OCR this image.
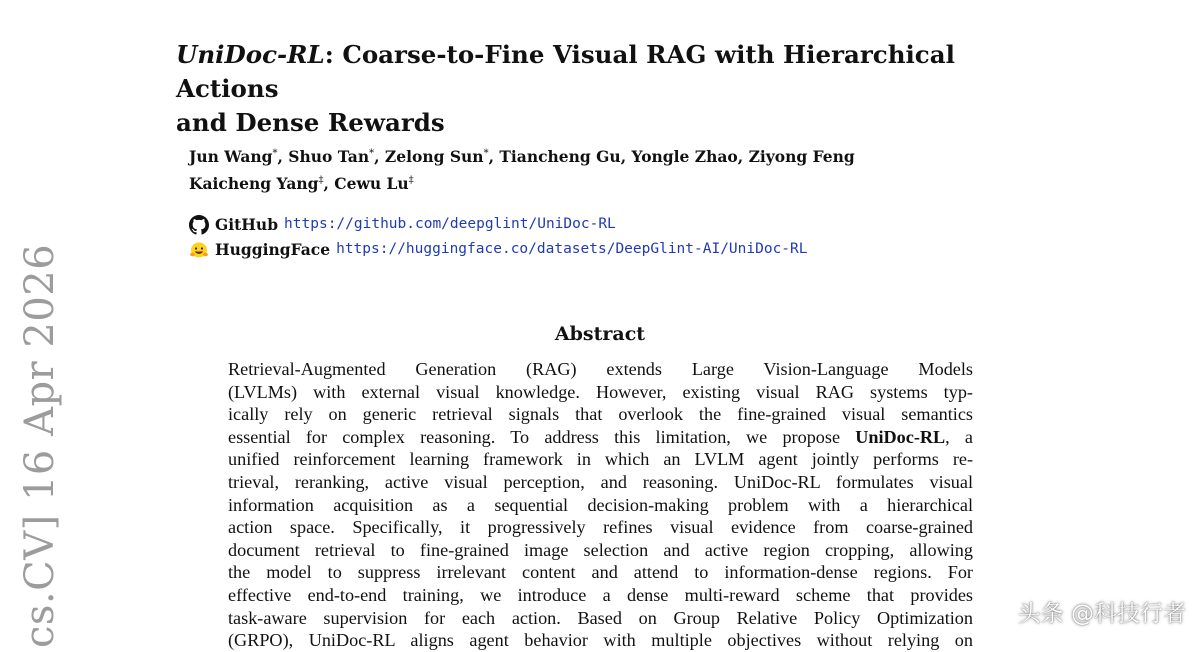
cs.CV] 16 Apr 2026
UniDoc-RL: Coarse-to-Fine Visual RAG with Hierarchical Actions
and Dense Rewards
Jun Wang*, Shuo Tan*, Zelong Sun*, Tiancheng Gu, Yongle Zhao, Ziyong Feng
Kaicheng Yang‡, Cewu Lu‡
GitHub https://github.com/deepglint/UniDoc-RL
HuggingFace https://huggingface.co/datasets/DeepGlint-AI/UniDoc-RL
Abstract
Retrieval-Augmented Generation (RAG) extends Large Vision-Language Models
(LVLMs) with external visual knowledge. However, existing visual RAG systems typ-
ically rely on generic retrieval signals that overlook the fine-grained visual semantics
essential for complex reasoning. To address this limitation, we propose UniDoc-RL, a
unified reinforcement learning framework in which an LVLM agent jointly performs re-
trieval, reranking, active visual perception, and reasoning. UniDoc-RL formulates visual
information acquisition as a sequential decision-making problem with a hierarchical
action space. Specifically, it progressively refines visual evidence from coarse-grained
document retrieval to fine-grained image selection and active region cropping, allowing
the model to suppress irrelevant content and attend to information-dense regions. For
effective end-to-end training, we introduce a dense multi-reward scheme that provides
task-aware supervision for each action. Based on Group Relative Policy Optimization
(GRPO), UniDoc-RL aligns agent behavior with multiple objectives without relying on
头条 @科技行者
